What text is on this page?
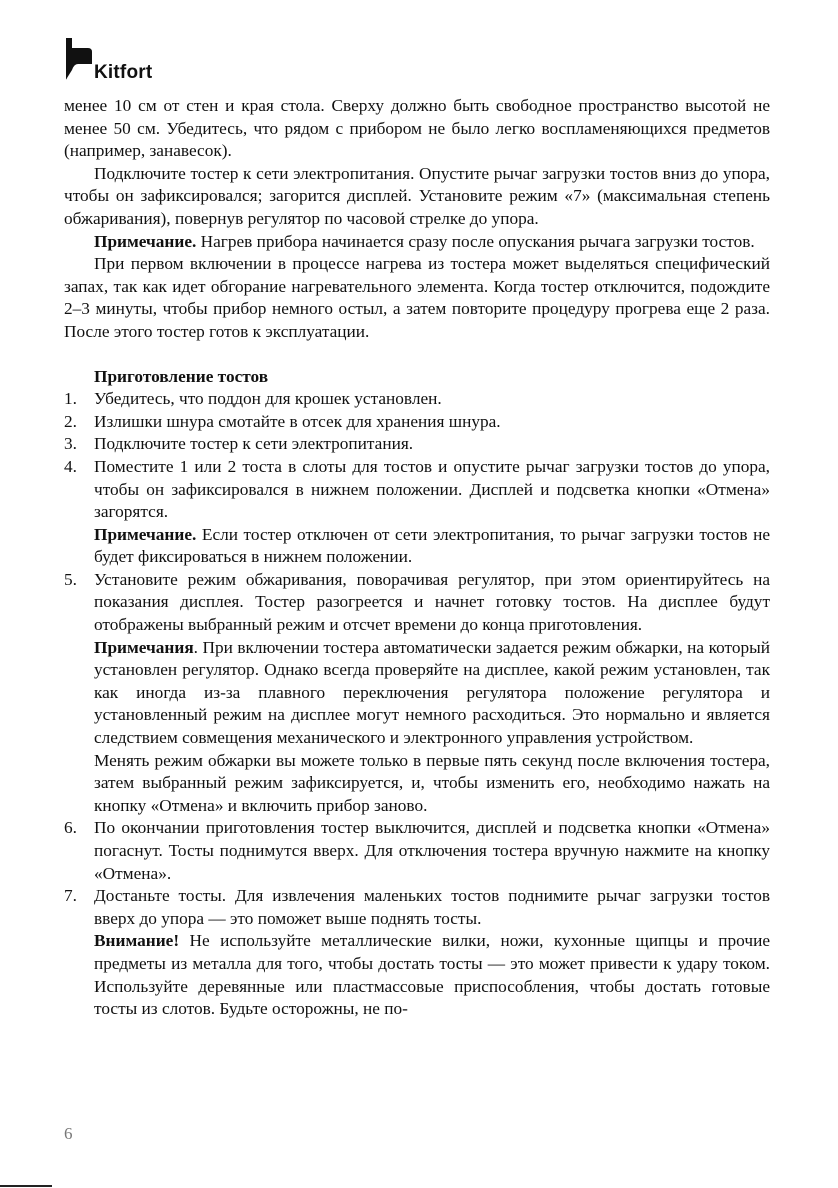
Kitfort

менее 10 см от стен и края стола. Сверху должно быть свободное пространство высотой не менее 50 см. Убедитесь, что рядом с прибором не было легко воспламеняющихся предметов (например, занавесок).

Подключите тостер к сети электропитания. Опустите рычаг загрузки тостов вниз до упора, чтобы он зафиксировался; загорится дисплей. Установите режим «7» (максимальная степень обжаривания), повернув регулятор по часовой стрелке до упора.

Примечание. Нагрев прибора начинается сразу после опускания рычага загрузки тостов.

При первом включении в процессе нагрева из тостера может выделяться специфический запах, так как идет обгорание нагревательного элемента. Когда тостер отключится, подождите 2–3 минуты, чтобы прибор немного остыл, а затем повторите процедуру прогрева еще 2 раза. После этого тостер готов к эксплуатации.

Приготовление тостов

1. Убедитесь, что поддон для крошек установлен.

2. Излишки шнура смотайте в отсек для хранения шнура.

3. Подключите тостер к сети электропитания.

4. Поместите 1 или 2 тоста в слоты для тостов и опустите рычаг загрузки тостов до упора, чтобы он зафиксировался в нижнем положении. Дисплей и подсветка кнопки «Отмена» загорятся.

Примечание. Если тостер отключен от сети электропитания, то рычаг загрузки тостов не будет фиксироваться в нижнем положении.

5. Установите режим обжаривания, поворачивая регулятор, при этом ориентируйтесь на показания дисплея. Тостер разогреется и начнет готовку тостов. На дисплее будут отображены выбранный режим и отсчет времени до конца приготовления.

Примечания. При включении тостера автоматически задается режим обжарки, на который установлен регулятор. Однако всегда проверяйте на дисплее, какой режим установлен, так как иногда из-за плавного переключения регулятора положение регулятора и установленный режим на дисплее могут немного расходиться. Это нормально и является следствием совмещения механического и электронного управления устройством.

Менять режим обжарки вы можете только в первые пять секунд после включения тостера, затем выбранный режим зафиксируется, и, чтобы изменить его, необходимо нажать на кнопку «Отмена» и включить прибор заново.

6. По окончании приготовления тостер выключится, дисплей и подсветка кнопки «Отмена» погаснут. Тосты поднимутся вверх. Для отключения тостера вручную нажмите на кнопку «Отмена».

7. Достаньте тосты. Для извлечения маленьких тостов поднимите рычаг загрузки тостов вверх до упора — это поможет выше поднять тосты.

Внимание! Не используйте металлические вилки, ножи, кухонные щипцы и прочие предметы из металла для того, чтобы достать тосты — это может привести к удару током. Используйте деревянные или пластмассовые приспособления, чтобы достать готовые тосты из слотов. Будьте осторожны, не по-

6
